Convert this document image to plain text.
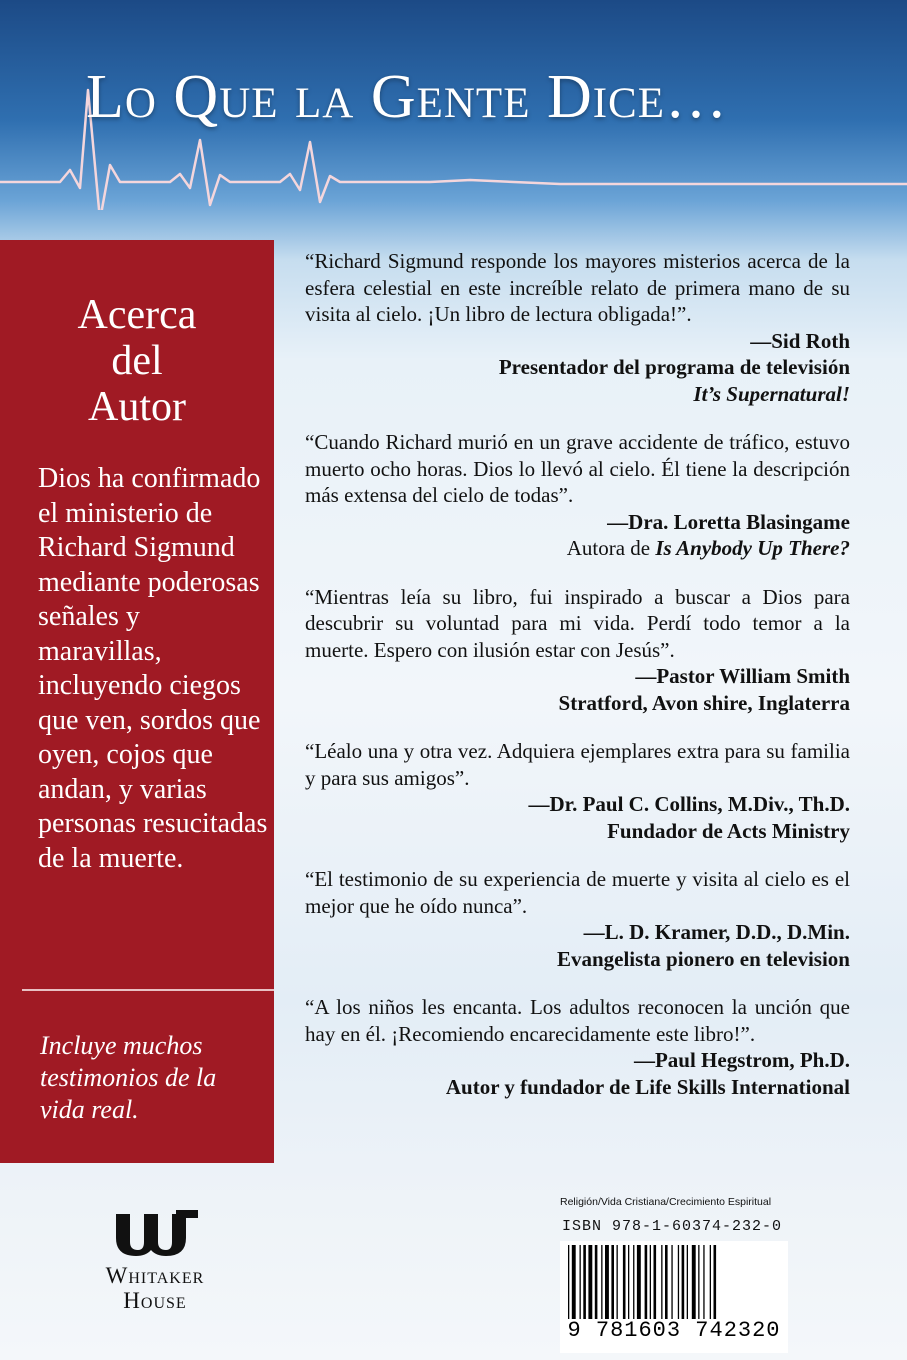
Lo Que la Gente Dice…
Acerca
del
Autor
Dios ha confirmado el ministerio de Richard Sigmund mediante poderosas señales y maravillas, incluyendo ciegos que ven, sordos que oyen, cojos que andan, y varias personas resucitadas de la muerte.
Incluye muchos testimonios de la vida real.

“Richard Sigmund responde los mayores misterios acerca de la esfera celestial en este increíble relato de primera mano de su visita al cielo. ¡Un libro de lectura obligada!”.

—Sid Roth
Presentador del programa de televisión
It’s Supernatural!

“Cuando Richard murió en un grave accidente de tráfico, estuvo muerto ocho horas. Dios lo llevó al cielo. Él tiene la descripción más extensa del cielo de todas”.

—Dra. Loretta Blasingame
Autora de Is Anybody Up There?

“Mientras leía su libro, fui inspirado a buscar a Dios para descubrir su voluntad para mi vida. Perdí todo temor a la muerte. Espero con ilusión estar con Jesús”.

—Pastor William Smith
Stratford, Avon shire, Inglaterra

“Léalo una y otra vez. Adquiera ejemplares extra para su familia y para sus amigos”.

—Dr. Paul C. Collins, M.Div., Th.D.
Fundador de Acts Ministry

“El testimonio de su experiencia de muerte y visita al cielo es el mejor que he oído nunca”.

—L. D. Kramer, D.D., D.Min.
Evangelista pionero en television

“A los niños les encanta. Los adultos reconocen la unción que hay en él. ¡Recomiendo encarecidamente este libro!”.

—Paul Hegstrom, Ph.D.
Autor y fundador de Life Skills International
Whitaker
House
Religión/Vida Cristiana/Crecimiento Espiritual
ISBN 978-1-60374-232-0
9 781603 742320
